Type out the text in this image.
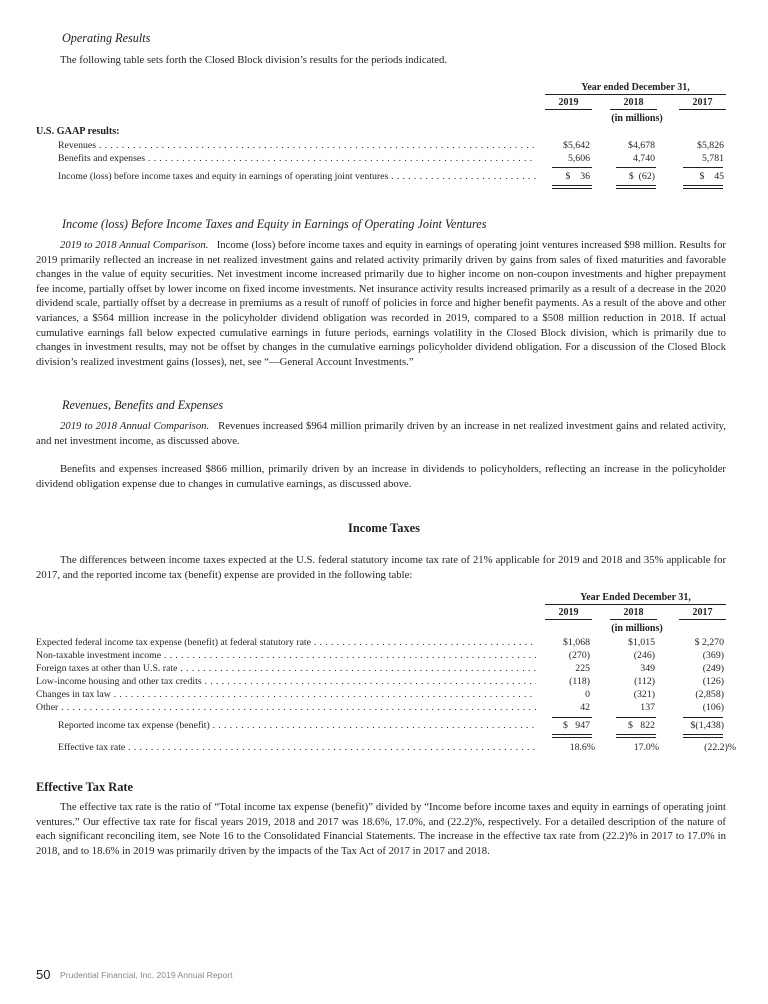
Operating Results
The following table sets forth the Closed Block division’s results for the periods indicated.
Year ended December 31,
2019	2018	2017
(in millions)
U.S. GAAP results:
Revenues . . .	$5,642	$4,678	$5,826
Benefits and expenses . . .	5,606	4,740	5,781
Income (loss) before income taxes and equity in earnings of operating joint ventures . . .	$    36	$  (62)	$    45
Income (loss) Before Income Taxes and Equity in Earnings of Operating Joint Ventures
2019 to 2018 Annual Comparison. Income (loss) before income taxes and equity in earnings of operating joint ventures increased $98 million. Results for 2019 primarily reflected an increase in net realized investment gains and related activity primarily driven by gains from sales of fixed maturities and favorable changes in the value of equity securities. Net investment income increased primarily due to higher income on non-coupon investments and higher prepayment fee income, partially offset by lower income on fixed income investments. Net insurance activity results increased primarily as a result of a decrease in the 2020 dividend scale, partially offset by a decrease in premiums as a result of runoff of policies in force and higher benefit payments. As a result of the above and other variances, a $564 million increase in the policyholder dividend obligation was recorded in 2019, compared to a $508 million reduction in 2018. If actual cumulative earnings fall below expected cumulative earnings in future periods, earnings volatility in the Closed Block division, which is primarily due to changes in investment results, may not be offset by changes in the cumulative earnings policyholder dividend obligation. For a discussion of the Closed Block division’s realized investment gains (losses), net, see “—General Account Investments.”
Revenues, Benefits and Expenses
2019 to 2018 Annual Comparison. Revenues increased $964 million primarily driven by an increase in net realized investment gains and related activity, and net investment income, as discussed above.
Benefits and expenses increased $866 million, primarily driven by an increase in dividends to policyholders, reflecting an increase in the policyholder dividend obligation expense due to changes in cumulative earnings, as discussed above.
Income Taxes
The differences between income taxes expected at the U.S. federal statutory income tax rate of 21% applicable for 2019 and 2018 and 35% applicable for 2017, and the reported income tax (benefit) expense are provided in the following table:
Year Ended December 31,
2019	2018	2017
(in millions)
Expected federal income tax expense (benefit) at federal statutory rate . . .	$1,068	$1,015	$ 2,270
Non-taxable investment income . . .	(270)	(246)	(369)
Foreign taxes at other than U.S. rate . . .	225	349	(249)
Low-income housing and other tax credits . . .	(118)	(112)	(126)
Changes in tax law . . .	0	(321)	(2,858)
Other . . .	42	137	(106)
Reported income tax expense (benefit) . . .	$   947	$   822	$(1,438)
Effective tax rate . . .	18.6%	17.0%	(22.2)%
Effective Tax Rate
The effective tax rate is the ratio of “Total income tax expense (benefit)” divided by “Income before income taxes and equity in earnings of operating joint ventures.” Our effective tax rate for fiscal years 2019, 2018 and 2017 was 18.6%, 17.0%, and (22.2)%, respectively. For a detailed description of the nature of each significant reconciling item, see Note 16 to the Consolidated Financial Statements. The increase in the effective tax rate from (22.2)% in 2017 to 17.0% in 2018, and to 18.6% in 2019 was primarily driven by the impacts of the Tax Act of 2017 in 2017 and 2018.
50 Prudential Financial, Inc. 2019 Annual Report
